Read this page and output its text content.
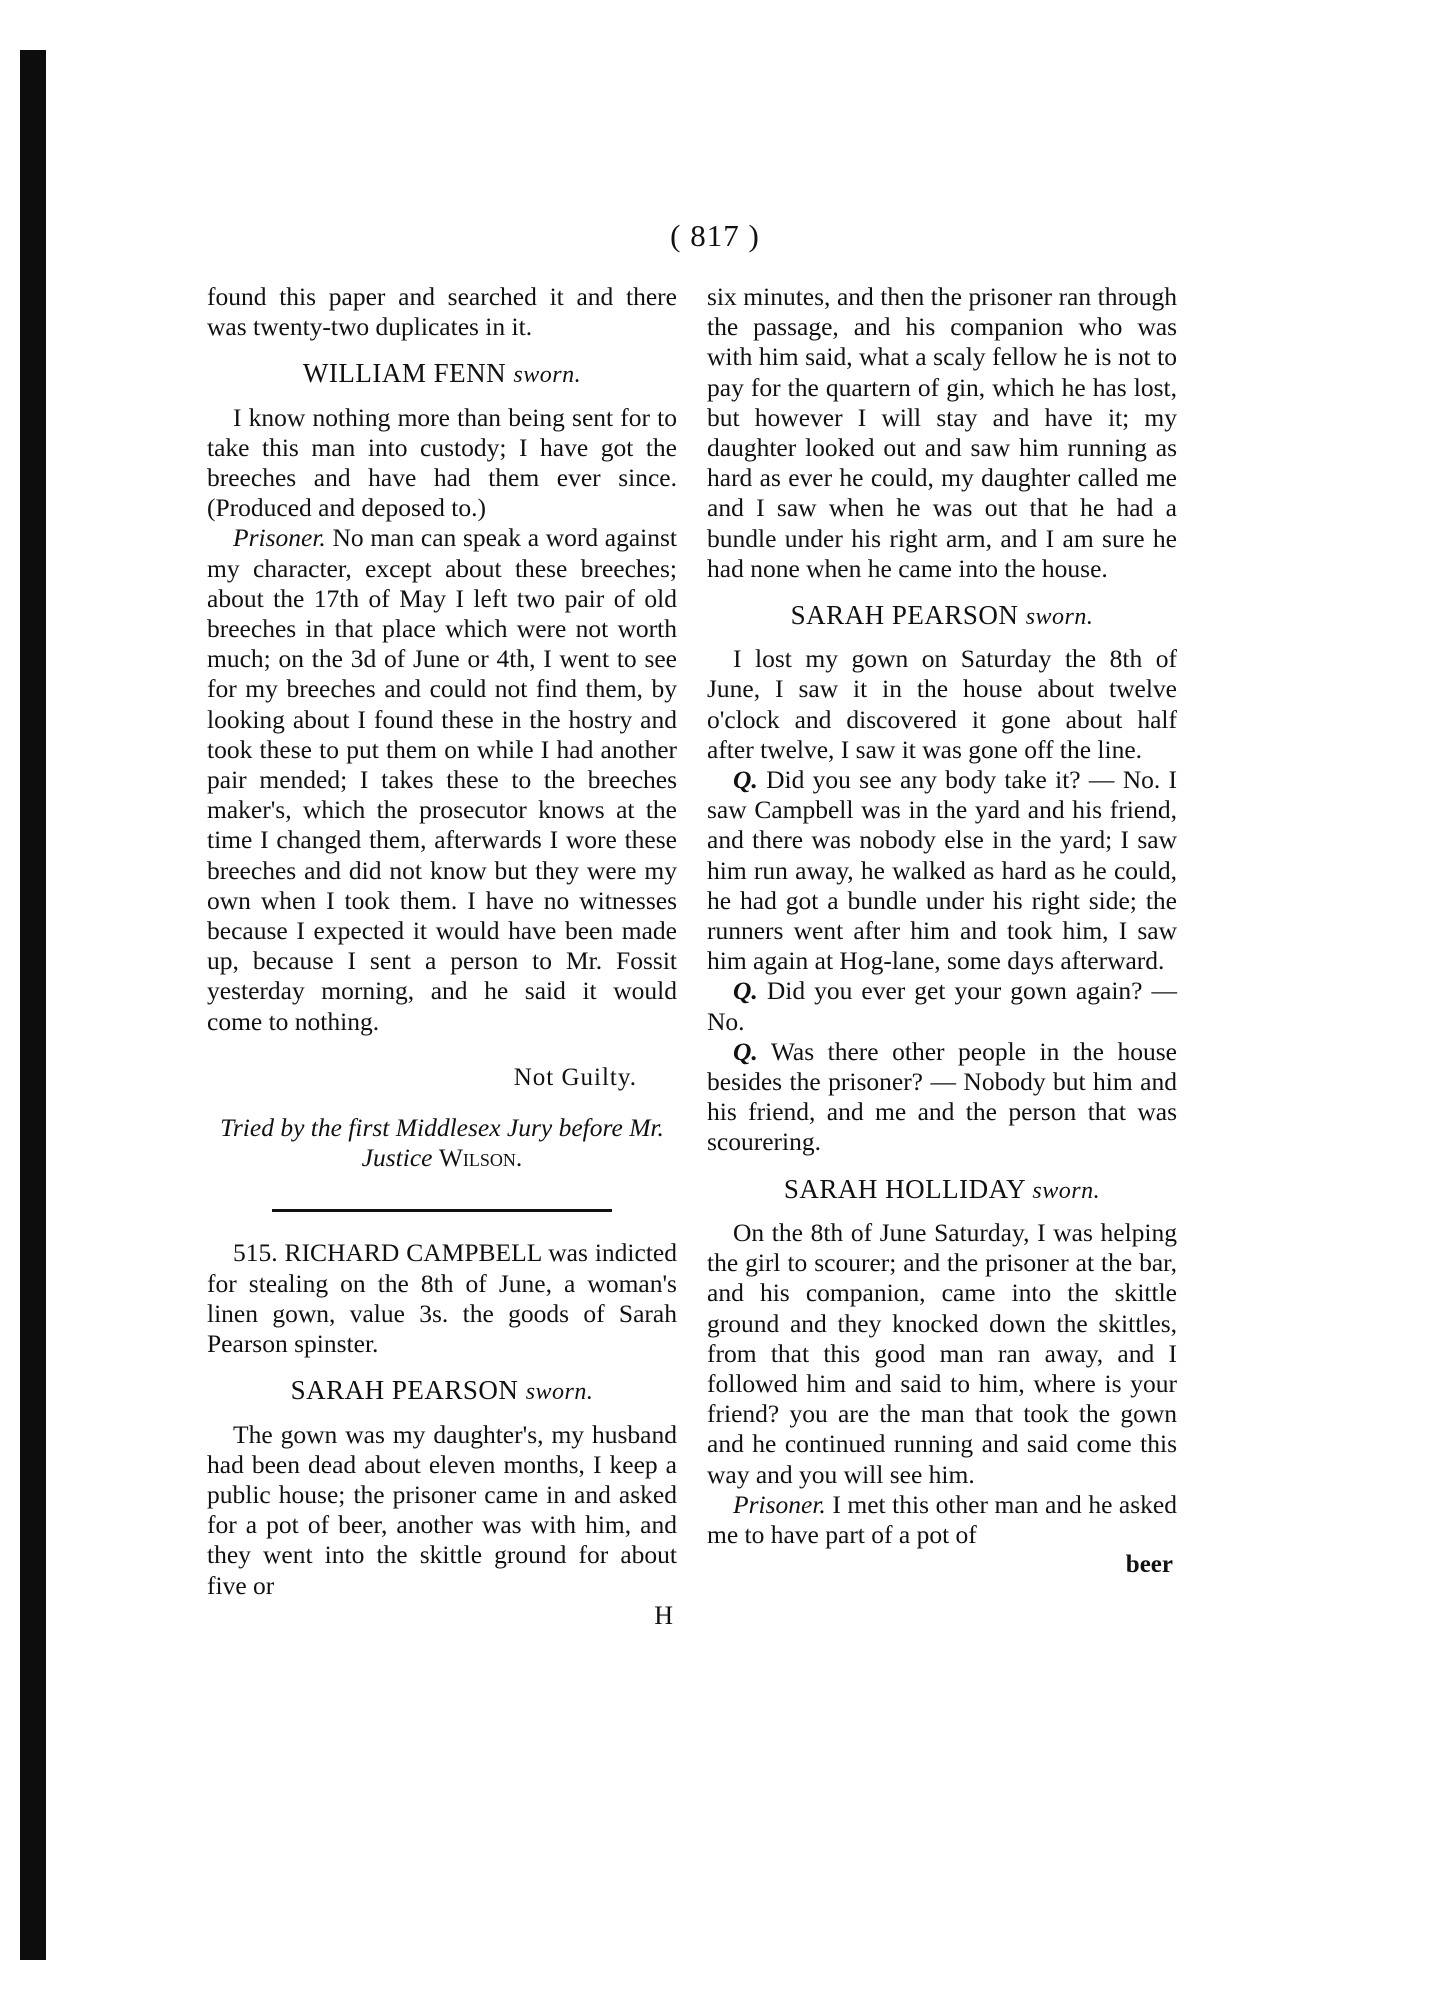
( 817 )

found this paper and searched it and there was twenty-two duplicates in it.

WILLIAM FENN sworn.

I know nothing more than being sent for to take this man into custody; I have got the breeches and have had them ever since. (Produced and deposed to.)

Prisoner. No man can speak a word against my character, except about these breeches; about the 17th of May I left two pair of old breeches in that place which were not worth much; on the 3d of June or 4th, I went to see for my breeches and could not find them, by looking about I found these in the hostry and took these to put them on while I had another pair mended; I takes these to the breeches maker's, which the prosecutor knows at the time I changed them, afterwards I wore these breeches and did not know but they were my own when I took them. I have no witnesses because I expected it would have been made up, because I sent a person to Mr. Fossit yesterday morning, and he said it would come to nothing.

Not Guilty.
Tried by the first Middlesex Jury before Mr. Justice Wilson.

515. RICHARD CAMPBELL was indicted for stealing on the 8th of June, a woman's linen gown, value 3s. the goods of Sarah Pearson spinster.

SARAH PEARSON sworn.

The gown was my daughter's, my husband had been dead about eleven months, I keep a public house; the prisoner came in and asked for a pot of beer, another was with him, and they went into the skittle ground for about five or

H

six minutes, and then the prisoner ran through the passage, and his companion who was with him said, what a scaly fellow he is not to pay for the quartern of gin, which he has lost, but however I will stay and have it; my daughter looked out and saw him running as hard as ever he could, my daughter called me and I saw when he was out that he had a bundle under his right arm, and I am sure he had none when he came into the house.

SARAH PEARSON sworn.

I lost my gown on Saturday the 8th of June, I saw it in the house about twelve o'clock and discovered it gone about half after twelve, I saw it was gone off the line.

Q. Did you see any body take it? — No. I saw Campbell was in the yard and his friend, and there was nobody else in the yard; I saw him run away, he walked as hard as he could, he had got a bundle under his right side; the runners went after him and took him, I saw him again at Hog-lane, some days afterward.

Q. Did you ever get your gown again? — No.

Q. Was there other people in the house besides the prisoner? — Nobody but him and his friend, and me and the person that was scourering.

SARAH HOLLIDAY sworn.

On the 8th of June Saturday, I was helping the girl to scourer; and the prisoner at the bar, and his companion, came into the skittle ground and they knocked down the skittles, from that this good man ran away, and I followed him and said to him, where is your friend? you are the man that took the gown and he continued running and said come this way and you will see him.

Prisoner. I met this other man and he asked me to have part of a pot of

beer
